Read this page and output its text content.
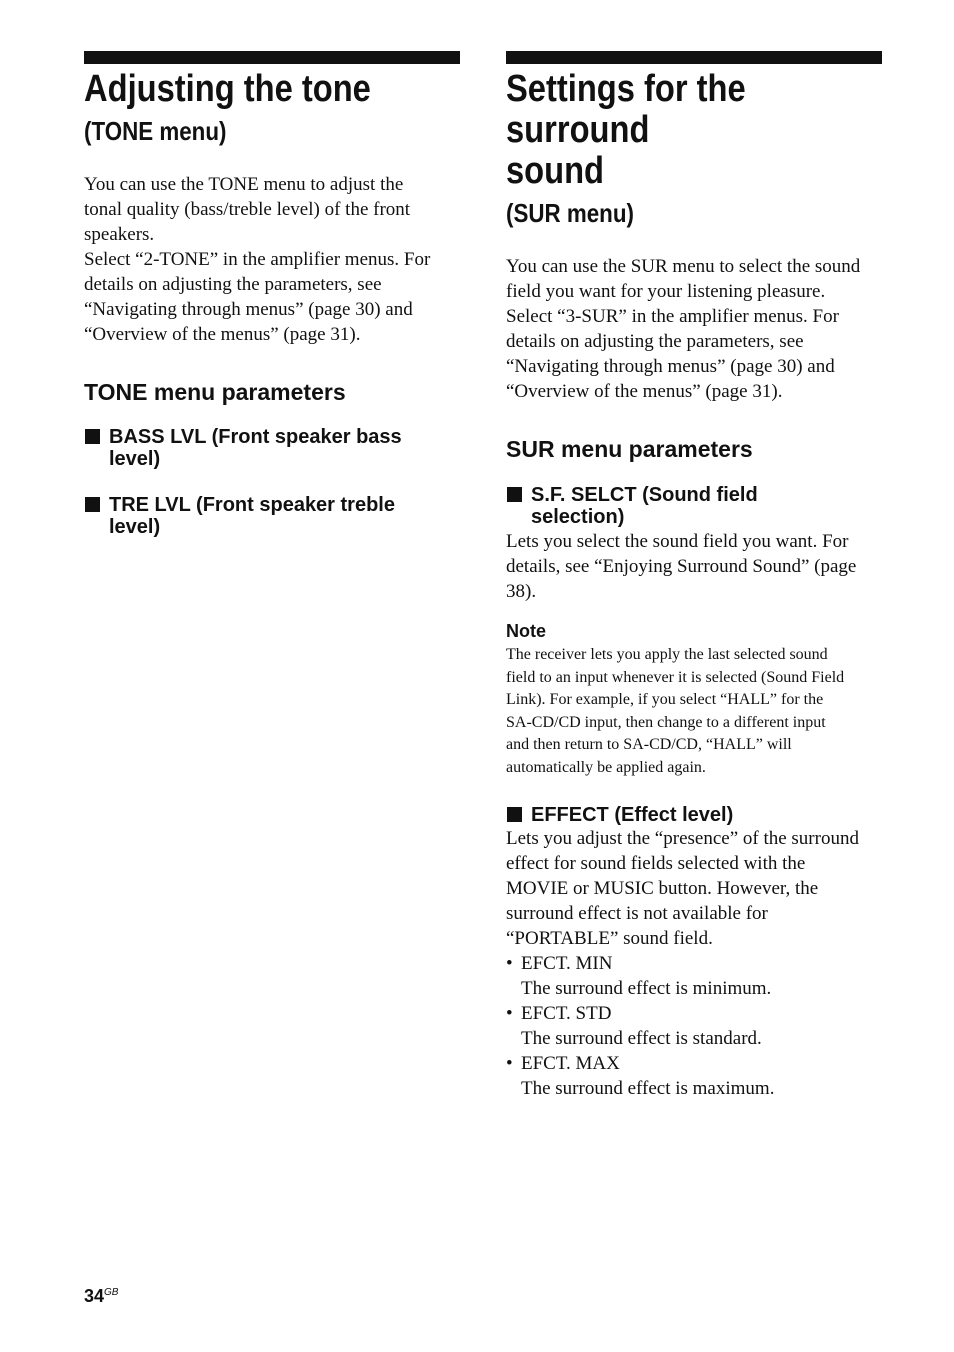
Adjusting the tone
(TONE menu)
You can use the TONE menu to adjust the
tonal quality (bass/treble level) of the front
speakers.
Select “2-TONE” in the amplifier menus. For
details on adjusting the parameters, see
“Navigating through menus” (page 30) and
“Overview of the menus” (page 31).
TONE menu parameters
BASS LVL (Front speaker bass
level)
TRE LVL (Front speaker treble
level)
Settings for the surround
sound
(SUR menu)
You can use the SUR menu to select the sound
field you want for your listening pleasure.
Select “3-SUR” in the amplifier menus. For
details on adjusting the parameters, see
“Navigating through menus” (page 30) and
“Overview of the menus” (page 31).
SUR menu parameters
S.F. SELCT (Sound field
selection)
Lets you select the sound field you want. For
details, see “Enjoying Surround Sound” (page
38).
Note
The receiver lets you apply the last selected sound
field to an input whenever it is selected (Sound Field
Link). For example, if you select “HALL” for the
SA-CD/CD input, then change to a different input
and then return to SA-CD/CD, “HALL” will
automatically be applied again.
EFFECT (Effect level)
Lets you adjust the “presence” of the surround
effect for sound fields selected with the
MOVIE or MUSIC button. However, the
surround effect is not available for
“PORTABLE” sound field.
• EFCT. MIN
The surround effect is minimum.
• EFCT. STD
The surround effect is standard.
• EFCT. MAX
The surround effect is maximum.
$34^{GB}$
